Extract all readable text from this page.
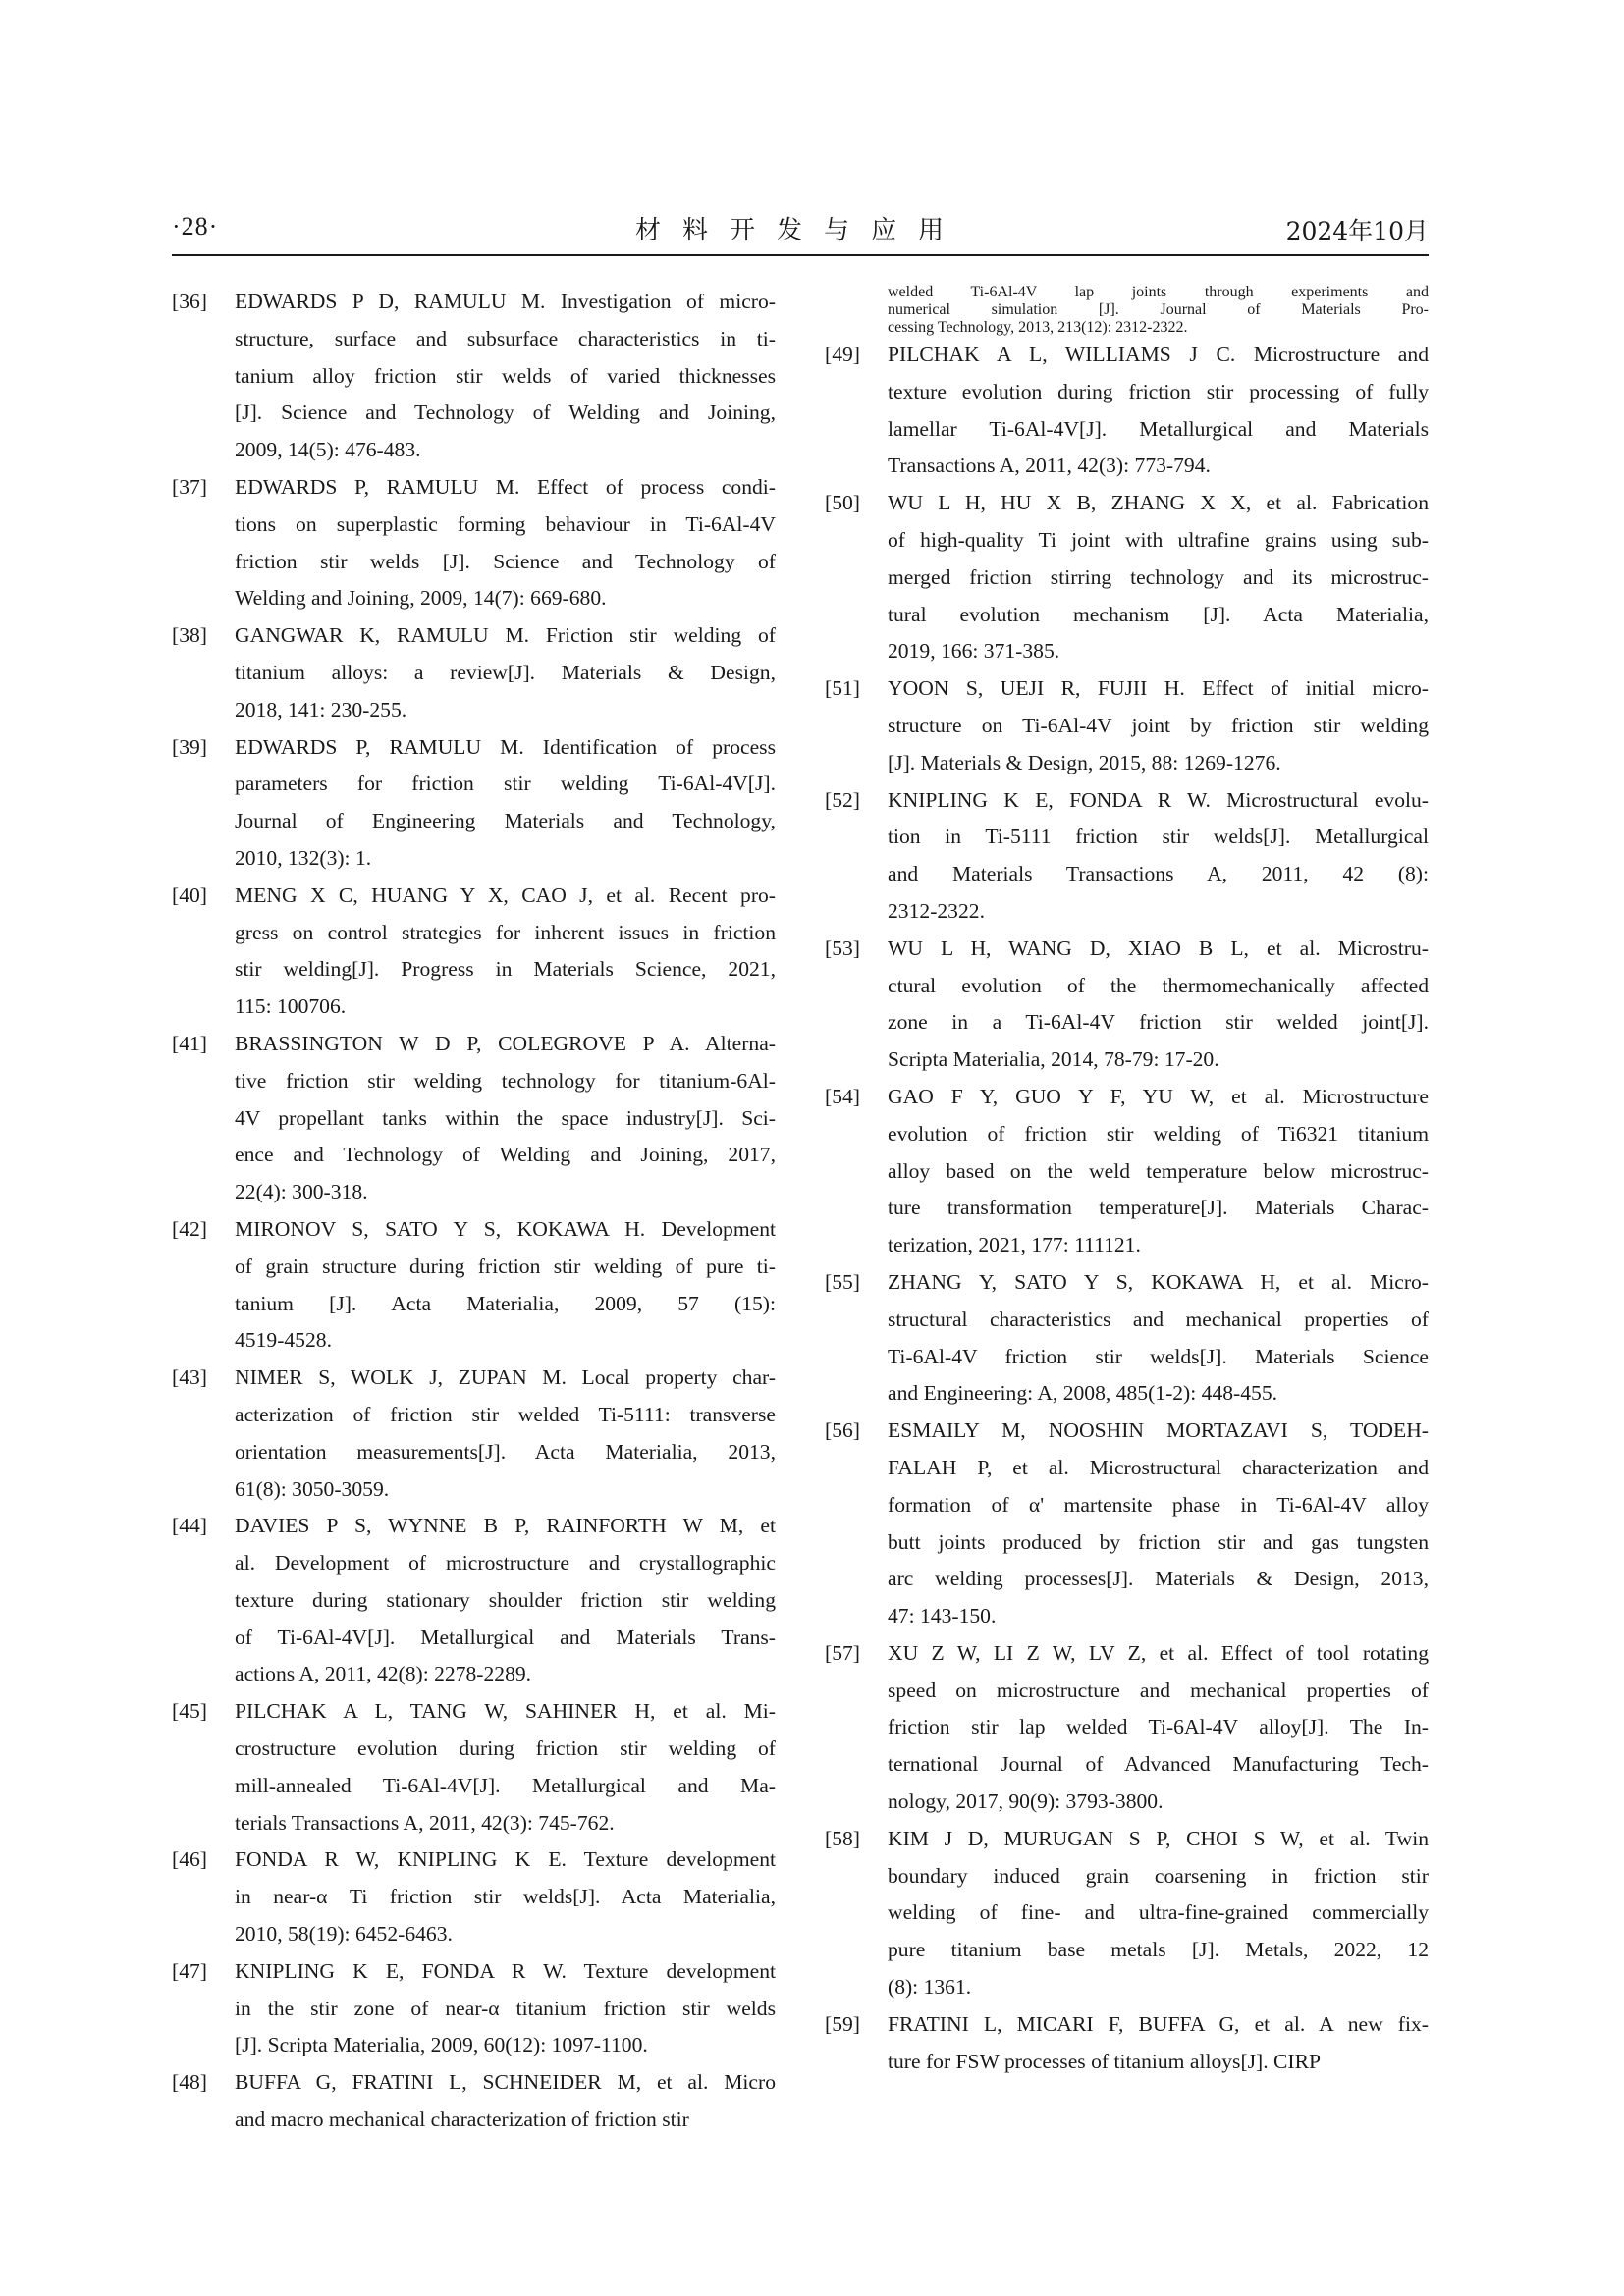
·28·	材料开发与应用	2024年10月
[36] EDWARDS P D, RAMULU M. Investigation of micro-
structure, surface and subsurface characteristics in ti-
tanium alloy friction stir welds of varied thicknesses
[J]. Science and Technology of Welding and Joining,
2009, 14(5): 476-483.
[37] EDWARDS P, RAMULU M. Effect of process condi-
tions on superplastic forming behaviour in Ti-6Al-4V
friction stir welds [J]. Science and Technology of
Welding and Joining, 2009, 14(7): 669-680.
[38] GANGWAR K, RAMULU M. Friction stir welding of
titanium alloys: a review[J]. Materials & Design,
2018, 141: 230-255.
[39] EDWARDS P, RAMULU M. Identification of process
parameters for friction stir welding Ti-6Al-4V[J].
Journal of Engineering Materials and Technology,
2010, 132(3): 1.
[40] MENG X C, HUANG Y X, CAO J, et al. Recent pro-
gress on control strategies for inherent issues in friction
stir welding[J]. Progress in Materials Science, 2021,
115: 100706.
[41] BRASSINGTON W D P, COLEGROVE P A. Alterna-
tive friction stir welding technology for titanium-6Al-
4V propellant tanks within the space industry[J]. Sci-
ence and Technology of Welding and Joining, 2017,
22(4): 300-318.
[42] MIRONOV S, SATO Y S, KOKAWA H. Development
of grain structure during friction stir welding of pure ti-
tanium [J]. Acta Materialia, 2009, 57 (15):
4519-4528.
[43] NIMER S, WOLK J, ZUPAN M. Local property char-
acterization of friction stir welded Ti-5111: transverse
orientation measurements[J]. Acta Materialia, 2013,
61(8): 3050-3059.
[44] DAVIES P S, WYNNE B P, RAINFORTH W M, et
al. Development of microstructure and crystallographic
texture during stationary shoulder friction stir welding
of Ti-6Al-4V[J]. Metallurgical and Materials Trans-
actions A, 2011, 42(8): 2278-2289.
[45] PILCHAK A L, TANG W, SAHINER H, et al. Mi-
crostructure evolution during friction stir welding of
mill-annealed Ti-6Al-4V[J]. Metallurgical and Ma-
terials Transactions A, 2011, 42(3): 745-762.
[46] FONDA R W, KNIPLING K E. Texture development
in near-α Ti friction stir welds[J]. Acta Materialia,
2010, 58(19): 6452-6463.
[47] KNIPLING K E, FONDA R W. Texture development
in the stir zone of near-α titanium friction stir welds
[J]. Scripta Materialia, 2009, 60(12): 1097-1100.
[48] BUFFA G, FRATINI L, SCHNEIDER M, et al. Micro
and macro mechanical characterization of friction stir
welded Ti-6Al-4V lap joints through experiments and
numerical simulation [J]. Journal of Materials Pro-
cessing Technology, 2013, 213(12): 2312-2322.
[49] PILCHAK A L, WILLIAMS J C. Microstructure and
texture evolution during friction stir processing of fully
lamellar Ti-6Al-4V[J]. Metallurgical and Materials
Transactions A, 2011, 42(3): 773-794.
[50] WU L H, HU X B, ZHANG X X, et al. Fabrication
of high-quality Ti joint with ultrafine grains using sub-
merged friction stirring technology and its microstruc-
tural evolution mechanism [J]. Acta Materialia,
2019, 166: 371-385.
[51] YOON S, UEJI R, FUJII H. Effect of initial micro-
structure on Ti-6Al-4V joint by friction stir welding
[J]. Materials & Design, 2015, 88: 1269-1276.
[52] KNIPLING K E, FONDA R W. Microstructural evolu-
tion in Ti-5111 friction stir welds[J]. Metallurgical
and Materials Transactions A, 2011, 42 (8):
2312-2322.
[53] WU L H, WANG D, XIAO B L, et al. Microstru-
ctural evolution of the thermomechanically affected
zone in a Ti-6Al-4V friction stir welded joint[J].
Scripta Materialia, 2014, 78-79: 17-20.
[54] GAO F Y, GUO Y F, YU W, et al. Microstructure
evolution of friction stir welding of Ti6321 titanium
alloy based on the weld temperature below microstruc-
ture transformation temperature[J]. Materials Charac-
terization, 2021, 177: 111121.
[55] ZHANG Y, SATO Y S, KOKAWA H, et al. Micro-
structural characteristics and mechanical properties of
Ti-6Al-4V friction stir welds[J]. Materials Science
and Engineering: A, 2008, 485(1-2): 448-455.
[56] ESMAILY M, NOOSHIN MORTAZAVI S, TODEH-
FALAH P, et al. Microstructural characterization and
formation of α' martensite phase in Ti-6Al-4V alloy
butt joints produced by friction stir and gas tungsten
arc welding processes[J]. Materials & Design, 2013,
47: 143-150.
[57] XU Z W, LI Z W, LV Z, et al. Effect of tool rotating
speed on microstructure and mechanical properties of
friction stir lap welded Ti-6Al-4V alloy[J]. The In-
ternational Journal of Advanced Manufacturing Tech-
nology, 2017, 90(9): 3793-3800.
[58] KIM J D, MURUGAN S P, CHOI S W, et al. Twin
boundary induced grain coarsening in friction stir
welding of fine- and ultra-fine-grained commercially
pure titanium base metals [J]. Metals, 2022, 12
(8): 1361.
[59] FRATINI L, MICARI F, BUFFA G, et al. A new fix-
ture for FSW processes of titanium alloys[J]. CIRP
